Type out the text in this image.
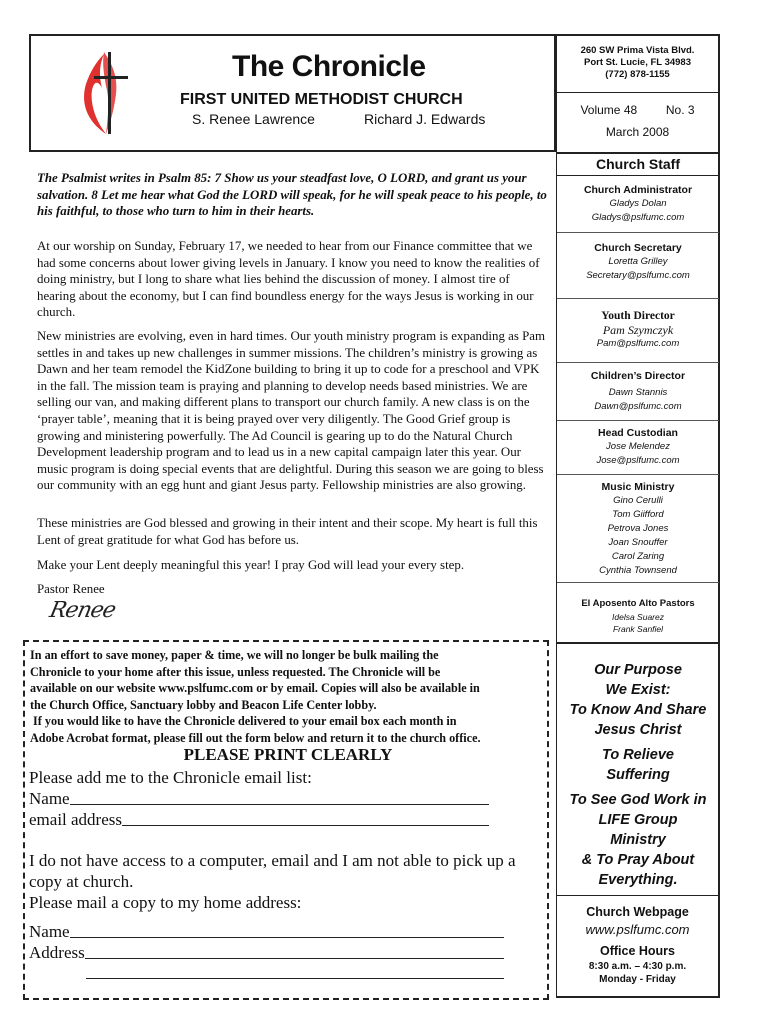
The Chronicle
FIRST UNITED METHODIST CHURCH
S. Renee Lawrence	Richard J. Edwards
260 SW Prima Vista Blvd.
Port St. Lucie, FL 34983
(772) 878-1155
Volume 48 No. 3
March 2008
Church Staff
Church Administrator
Gladys Dolan
Gladys@pslfumc.com
Church Secretary
Loretta Grilley
Secretary@pslfumc.com
Youth Director
Pam Szymczyk
Pam@pslfumc.com
Children’s Director
Dawn Stannis
Dawn@pslfumc.com
Head Custodian
Jose Melendez
Jose@pslfumc.com
Music Ministry
Gino Cerulli
Tom Giifford
Petrova Jones
Joan Snouffer
Carol Zaring
Cynthia Townsend
El Aposento Alto Pastors
Idelsa Suarez
Frank Sanfiel
The Psalmist writes in Psalm 85: 7 Show us your steadfast love, O LORD, and grant us your salvation. 8 Let me hear what God the LORD will speak, for he will speak peace to his people, to his faithful, to those who turn to him in their hearts.
At our worship on Sunday, February 17, we needed to hear from our Finance committee that we had some concerns about lower giving levels in January. I know you need to know the realities of doing ministry, but I long to share what lies behind the discussion of money. I almost tire of hearing about the economy, but I can find boundless energy for the ways Jesus is working in our church.
New ministries are evolving, even in hard times. Our youth ministry program is expanding as Pam settles in and takes up new challenges in summer missions. The children’s ministry is growing as Dawn and her team remodel the KidZone building to bring it up to code for a preschool and VPK in the fall. The mission team is praying and planning to develop needs based ministries. We are selling our van, and making different plans to transport our church family. A new class is on the ‘prayer table’, meaning that it is being prayed over very diligently. The Good Grief group is growing and ministering powerfully. The Ad Council is gearing up to do the Natural Church Development leadership program and to lead us in a new capital campaign later this year. Our music program is doing special events that are delightful. During this season we are going to bless our community with an egg hunt and giant Jesus party. Fellowship ministries are also growing.
These ministries are God blessed and growing in their intent and their scope. My heart is full this Lent of great gratitude for what God has before us.
Make your Lent deeply meaningful this year! I pray God will lead your every step.
Pastor Renee
Renee
In an effort to save money, paper & time, we will no longer be bulk mailing the
Chronicle to your home after this issue, unless requested. The Chronicle will be
available on our website www.pslfumc.com or by email. Copies will also be available in
the Church Office, Sanctuary lobby and Beacon Life Center lobby.
If you would like to have the Chronicle delivered to your email box each month in
Adobe Acrobat format, please fill out the form below and return it to the church office.
PLEASE PRINT CLEARLY
Please add me to the Chronicle email list:
Name
email address
I do not have access to a computer, email and I am not able to pick up a
copy at church.
Please mail a copy to my home address:
Name
Address
Our Purpose
We Exist:
To Know And Share
Jesus Christ
To Relieve
Suffering
To See God Work in
LIFE Group
Ministry
& To Pray About
Everything.
Church Webpage
www.pslfumc.com
Office Hours
8:30 a.m. – 4:30 p.m.
Monday - Friday
